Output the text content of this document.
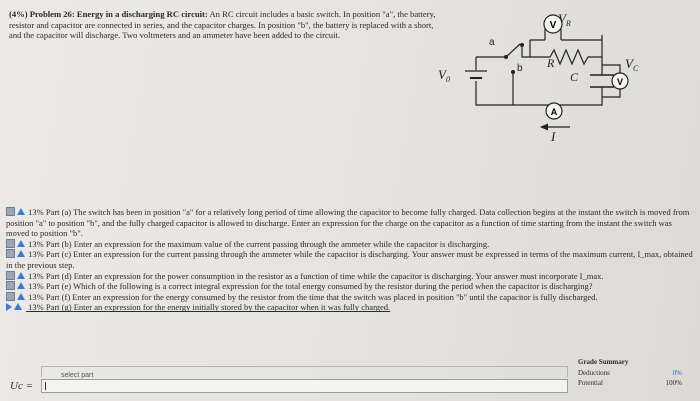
(4%) Problem 26: Energy in a discharging RC circuit: An RC circuit includes a basic switch. In position "a", the battery, resistor and capacitor are connected in series, and the capacitor charges. In position "b", the battery is replaced with a short, and the capacitor will discharge. Two voltmeters and an ammeter have been added to the circuit.
V
V
A
$V_R$
$V_C$
$V_0$
R
C
I
a
b
13% Part (a) The switch has been in position "a" for a relatively long period of time allowing the capacitor to become fully charged. Data collection begins at the instant the switch is moved from position "a" to position "b", and the fully charged capacitor is allowed to discharge. Enter an expression for the charge on the capacitor as a function of time starting from the instant the switch was moved to position "b".
13% Part (b) Enter an expression for the maximum value of the current passing through the ammeter while the capacitor is discharging.
13% Part (c) Enter an expression for the current passing through the ammeter while the capacitor is discharging. Your answer must be expressed in terms of the maximum current, I_max, obtained in the previous step.
13% Part (d) Enter an expression for the power consumption in the resistor as a function of time while the capacitor is discharging. Your answer must incorporate I_max.
13% Part (e) Which of the following is a correct integral expression for the total energy consumed by the resistor during the period when the capacitor is discharging?
13% Part (f) Enter an expression for the energy consumed by the resistor from the time that the switch was placed in position "b" until the capacitor is fully discharged.
13% Part (g) Enter an expression for the energy initially stored by the capacitor when it was fully charged.
select part
Uc =
Grade Summary
Deductions	0%
Potential	100%
